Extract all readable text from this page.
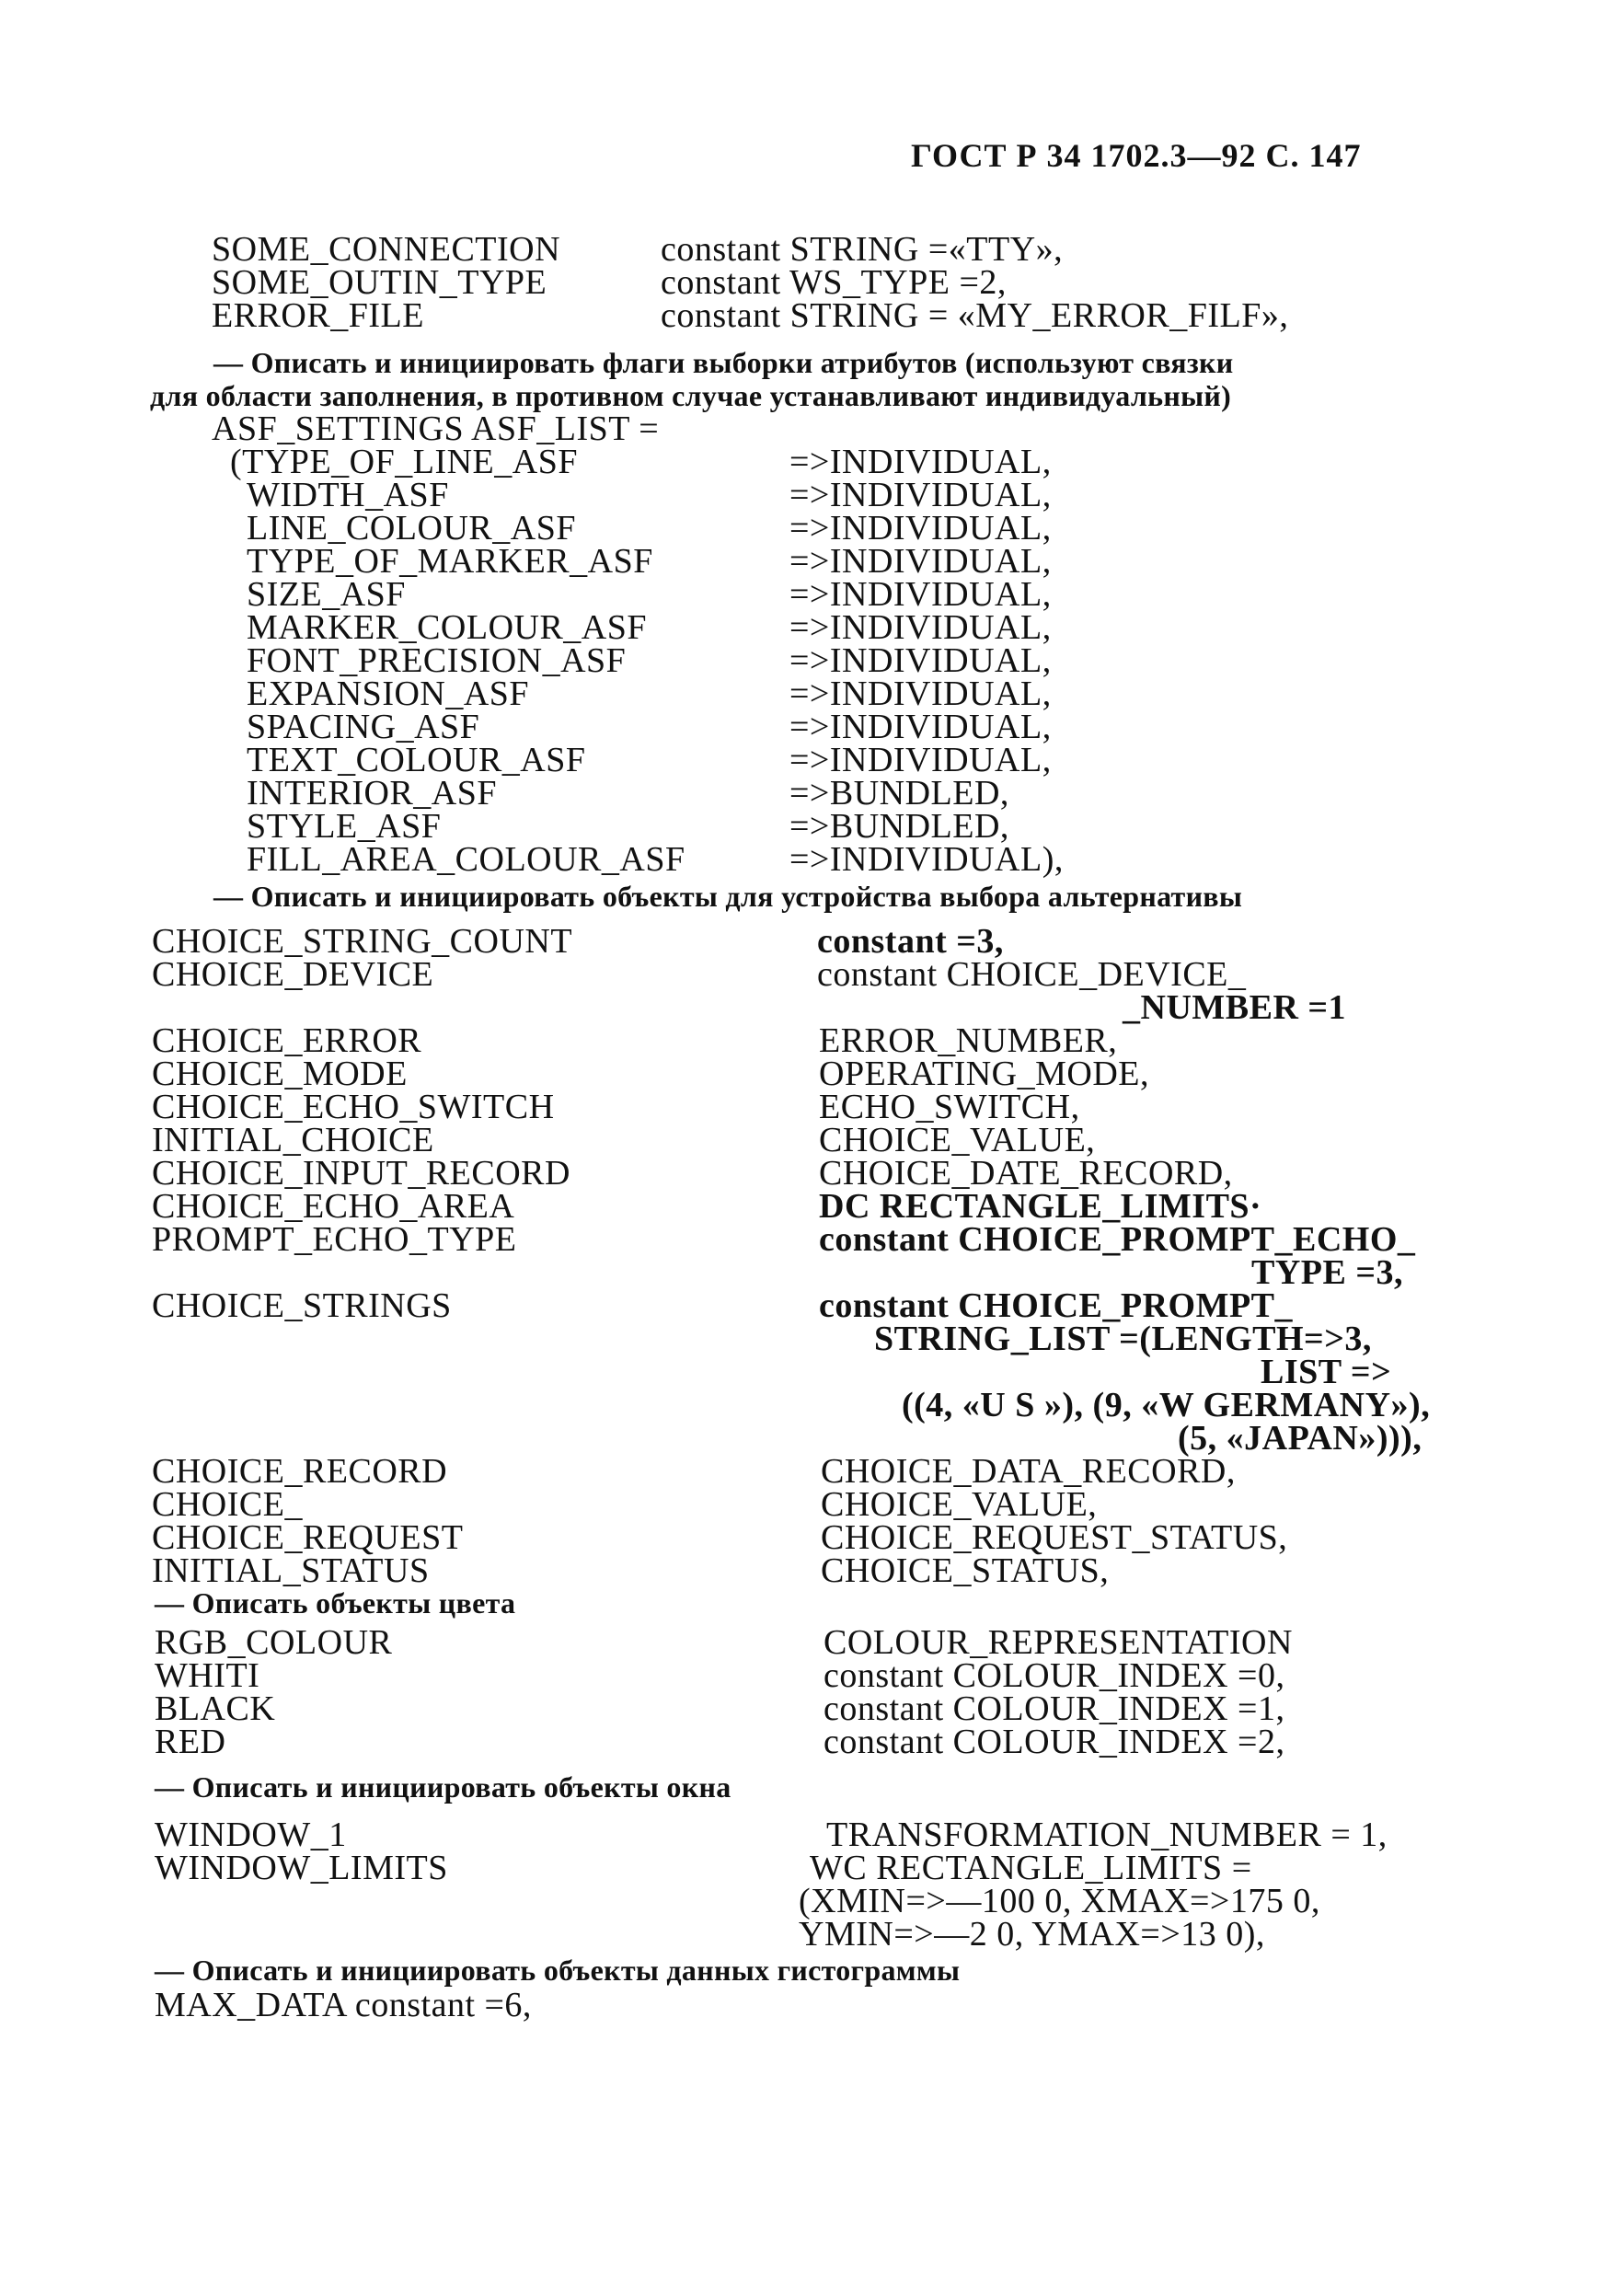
ГОСТ Р 34 1702.3—92 С. 147
SOME_CONNECTION	constant STRING =«TTY»,
SOME_OUTIN_TYPE	constant WS_TYPE =2,
ERROR_FILE	constant STRING = «MY_ERROR_FILF»,
— Описать и инициировать флаги выборки атрибутов (используют связки
для области заполнения, в противном случае устанавливают индивидуальный)
ASF_SETTINGS ASF_LIST =
(TYPE_OF_LINE_ASF	=>INDIVIDUAL,
WIDTH_ASF	=>INDIVIDUAL,
LINE_COLOUR_ASF	=>INDIVIDUAL,
TYPE_OF_MARKER_ASF	=>INDIVIDUAL,
SIZE_ASF	=>INDIVIDUAL,
MARKER_COLOUR_ASF	=>INDIVIDUAL,
FONT_PRECISION_ASF	=>INDIVIDUAL,
EXPANSION_ASF	=>INDIVIDUAL,
SPACING_ASF	=>INDIVIDUAL,
TEXT_COLOUR_ASF	=>INDIVIDUAL,
INTERIOR_ASF	=>BUNDLED,
STYLE_ASF	=>BUNDLED,
FILL_AREA_COLOUR_ASF	=>INDIVIDUAL),
— Описать и инициировать объекты для устройства выбора альтернативы
CHOICE_STRING_COUNT	constant =3,
CHOICE_DEVICE	constant CHOICE_DEVICE_
_NUMBER =1
CHOICE_ERROR	ERROR_NUMBER,
CHOICE_MODE	OPERATING_MODE,
CHOICE_ECHO_SWITCH	ECHO_SWITCH,
INITIAL_CHOICE	CHOICE_VALUE,
CHOICE_INPUT_RECORD	CHOICE_DATE_RECORD,
CHOICE_ECHO_AREA	DC RECTANGLE_LIMITS·
PROMPT_ECHO_TYPE	constant CHOICE_PROMPT_ECHO_
TYPE =3,
CHOICE_STRINGS	constant CHOICE_PROMPT_
STRING_LIST =(LENGTH=>3,
LIST =>
((4, «U S »), (9, «W GERMANY»),
(5, «JAPAN»))),
CHOICE_RECORD	CHOICE_DATA_RECORD,
CHOICE_	CHOICE_VALUE,
CHOICE_REQUEST	CHOICE_REQUEST_STATUS,
INITIAL_STATUS	CHOICE_STATUS,
— Описать объекты цвета
RGB_COLOUR	COLOUR_REPRESENTATION
WHITI	constant COLOUR_INDEX =0,
BLACK	constant COLOUR_INDEX =1,
RED	constant COLOUR_INDEX =2,
— Описать и инициировать объекты окна
WINDOW_1	TRANSFORMATION_NUMBER = 1,
WINDOW_LIMITS	WC RECTANGLE_LIMITS =
(XMIN=>—100 0, XMAX=>175 0,
YMIN=>—2 0, YMAX=>13 0),
— Описать и инициировать объекты данных гистограммы
MAX_DATA constant =6,
